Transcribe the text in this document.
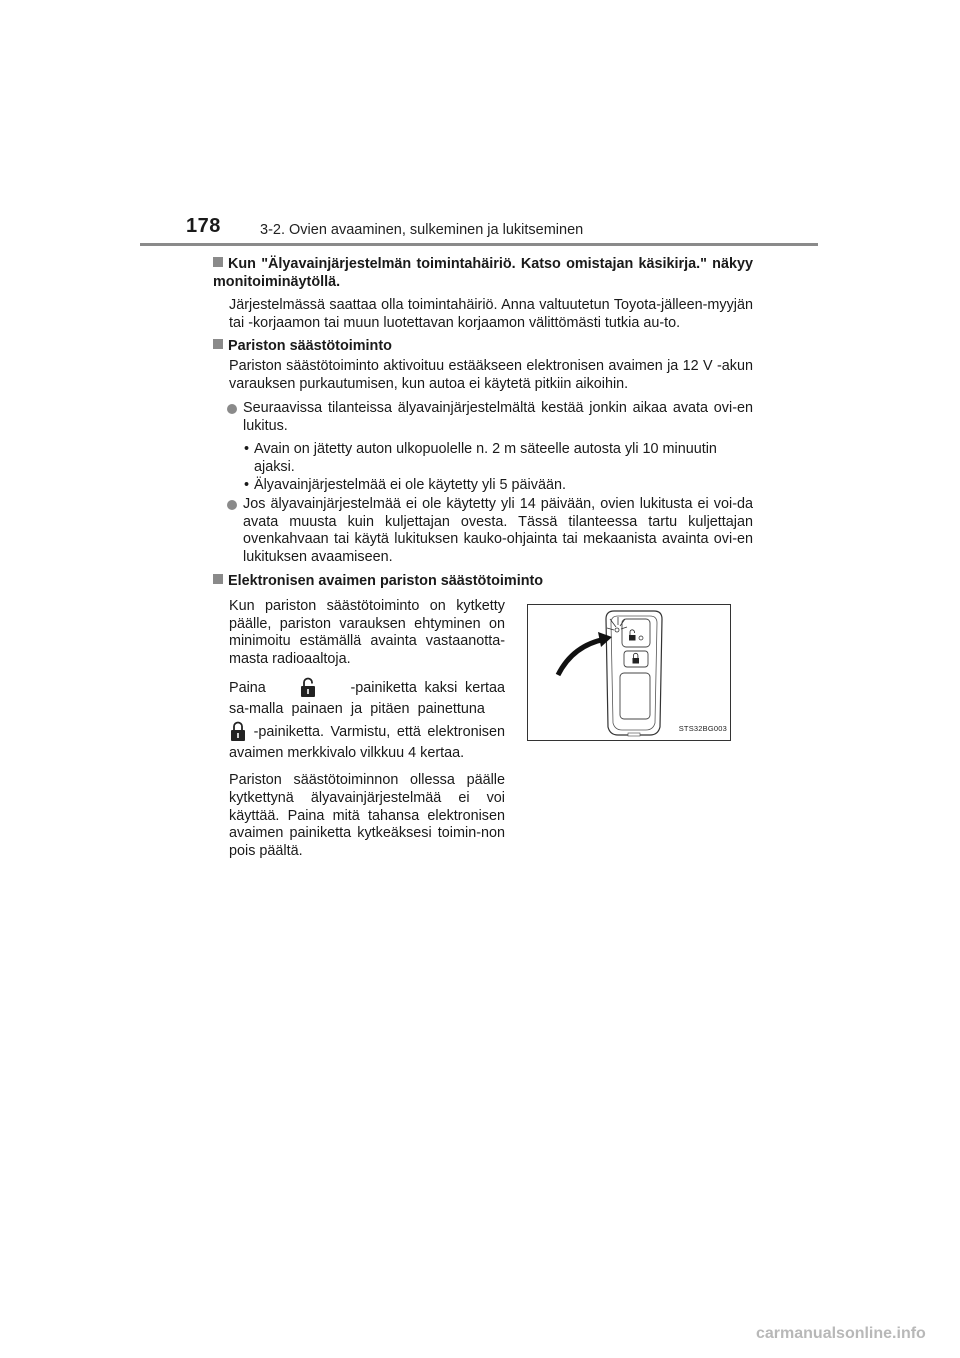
178	3-2. Ovien avaaminen, sulkeminen ja lukitseminen
Kun "Älyavainjärjestelmän toimintahäiriö. Katso omistajan käsikirja." näkyy monitoiminäytöllä.
Järjestelmässä saattaa olla toimintahäiriö. Anna valtuutetun Toyota-jälleen-myyjän tai -korjaamon tai muun luotettavan korjaamon välittömästi tutkia au-to.
Pariston säästötoiminto
Pariston säästötoiminto aktivoituu estääkseen elektronisen avaimen ja 12 V -akun varauksen purkautumisen, kun autoa ei käytetä pitkiin aikoihin.
Seuraavissa tilanteissa älyavainjärjestelmältä kestää jonkin aikaa avata ovi-en lukitus.
• Avain on jätetty auton ulkopuolelle n. 2 m säteelle autosta yli 10 minuutin ajaksi.
• Älyavainjärjestelmää ei ole käytetty yli 5 päivään.
Jos älyavainjärjestelmää ei ole käytetty yli 14 päivään, ovien lukitusta ei voi-da avata muusta kuin kuljettajan ovesta. Tässä tilanteessa tartu kuljettajan ovenkahvaan tai käytä lukituksen kauko-ohjainta tai mekaanista avainta ovi-en lukituksen avaamiseen.
Elektronisen avaimen pariston säästötoiminto
Kun pariston säästötoiminto on kytketty päälle, pariston varauksen ehtyminen on minimoitu estämällä avainta vastaanotta-masta radioaaltoja.
Paina	-painiketta kaksi kertaa sa-malla painaen ja pitäen painettuna   -painiketta. Varmistu, että elektronisen avaimen merkkivalo vilkkuu 4 kertaa.
Pariston säästötoiminnon ollessa päälle kytkettynä älyavainjärjestelmää ei voi käyttää. Paina mitä tahansa elektronisen avaimen painiketta kytkeäksesi toimin-non pois päältä.
STS32BG003
carmanualsonline.info
